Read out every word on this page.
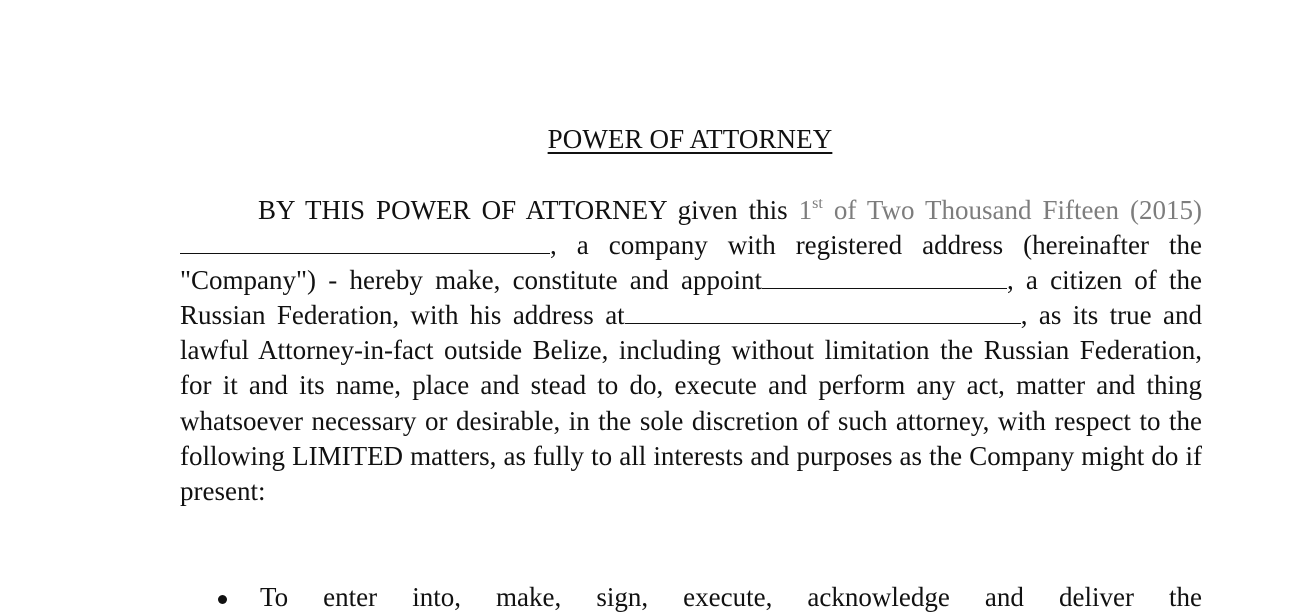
POWER OF ATTORNEY

BY THIS POWER OF ATTORNEY given this 1st of Two Thousand Fifteen (2015), a company with registered address (hereinafter the "Company") - hereby make, constitute and appoint	, a citizen of the Russian Federation, with his address at	, as its true and lawful Attorney-in-fact outside Belize, including without limitation the Russian Federation, for it and its name, place and stead to do, execute and perform any act, matter and thing whatsoever necessary or desirable, in the sole discretion of such attorney, with respect to the following LIMITED matters, as fully to all interests and purposes as the Company might do if present:

To enter into, make, sign, execute, acknowledge and deliver the
